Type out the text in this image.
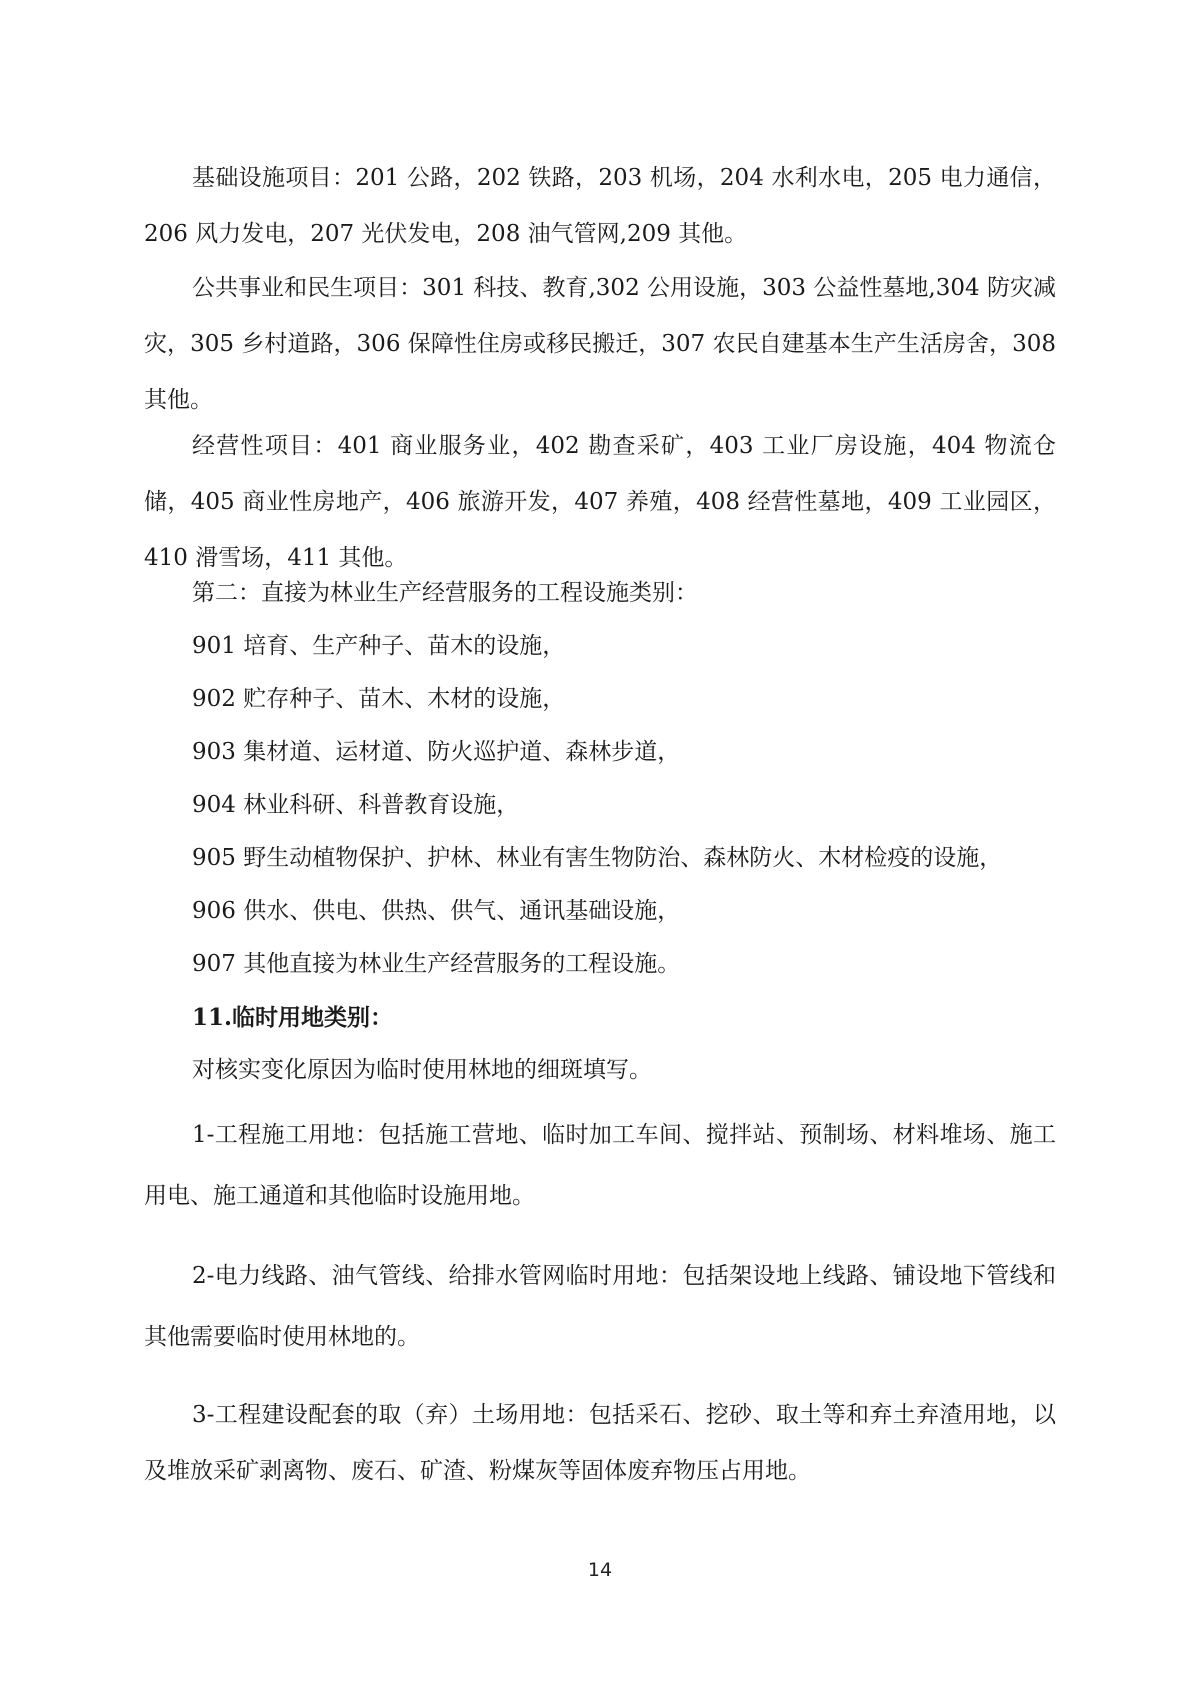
基础设施项目：201 公路，202 铁路，203 机场，204 水利水电，205 电力通信，206 风力发电，207 光伏发电，208 油气管网,209 其他。

公共事业和民生项目：301 科技、教育,302 公用设施，303 公益性墓地,304 防灾减灾，305 乡村道路，306 保障性住房或移民搬迁，307 农民自建基本生产生活房舍，308 其他。

经营性项目：401 商业服务业，402 勘查采矿，403 工业厂房设施，404 物流仓储，405 商业性房地产，406 旅游开发，407 养殖，408 经营性墓地，409 工业园区，410 滑雪场，411 其他。

第二：直接为林业生产经营服务的工程设施类别：

901 培育、生产种子、苗木的设施，

902 贮存种子、苗木、木材的设施，

903 集材道、运材道、防火巡护道、森林步道，

904 林业科研、科普教育设施，

905 野生动植物保护、护林、林业有害生物防治、森林防火、木材检疫的设施，

906 供水、供电、供热、供气、通讯基础设施，

907 其他直接为林业生产经营服务的工程设施。

11.临时用地类别：

对核实变化原因为临时使用林地的细斑填写。

1-工程施工用地：包括施工营地、临时加工车间、搅拌站、预制场、材料堆场、施工用电、施工通道和其他临时设施用地。

2-电力线路、油气管线、给排水管网临时用地：包括架设地上线路、铺设地下管线和其他需要临时使用林地的。

3-工程建设配套的取（弃）土场用地：包括采石、挖砂、取土等和弃土弃渣用地，以及堆放采矿剥离物、废石、矿渣、粉煤灰等固体废弃物压占用地。

14
